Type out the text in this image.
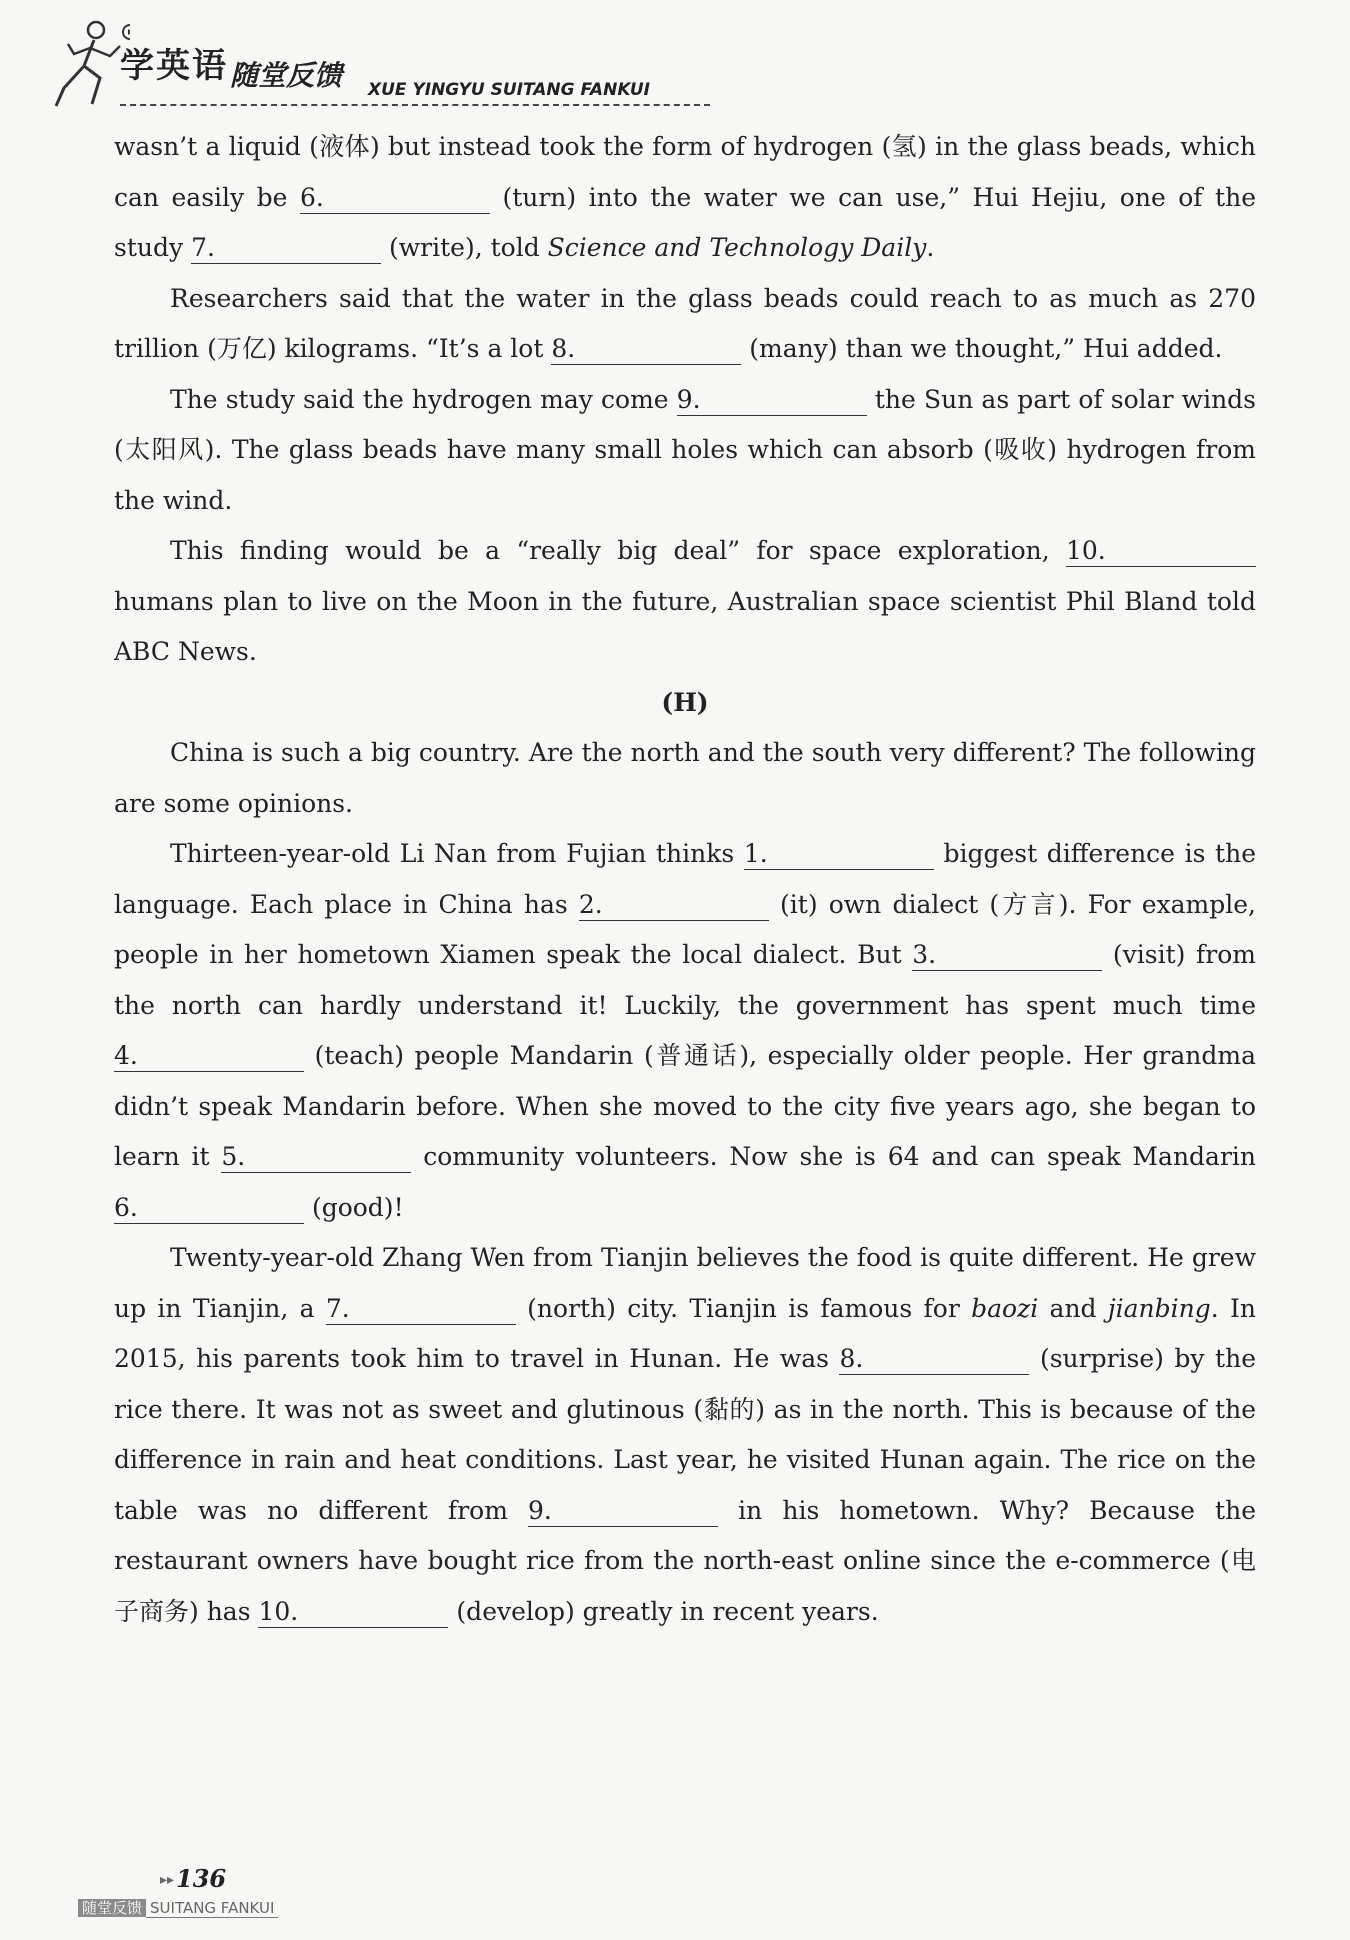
学英语 随堂反馈 XUE YINGYU SUITANG FANKUI

wasn’t a liquid (液体) but instead took the form of hydrogen (氢) in the glass beads, which can easily be 6.	(turn) into the water we can use,” Hui Hejiu, one of the study 7.	(write), told Science and Technology Daily.

Researchers said that the water in the glass beads could reach to as much as 270 trillion (万亿) kilograms. “It’s a lot 8.	(many) than we thought,” Hui added.

The study said the hydrogen may come 9.	the Sun as part of solar winds (太阳风). The glass beads have many small holes which can absorb (吸收) hydrogen from the wind.

This finding would be a “really big deal” for space exploration, 10. humans plan to live on the Moon in the future, Australian space scientist Phil Bland told ABC News.

(H)

China is such a big country. Are the north and the south very different? The following are some opinions.

Thirteen-year-old Li Nan from Fujian thinks 1.	biggest difference is the language. Each place in China has 2.	(it) own dialect (方言). For example, people in her hometown Xiamen speak the local dialect. But 3.	(visit) from the north can hardly understand it! Luckily, the government has spent much time 4.	(teach) people Mandarin (普通话), especially older people. Her grandma didn’t speak Mandarin before. When she moved to the city five years ago, she began to learn it 5.	community volunteers. Now she is 64 and can speak Mandarin 6.	(good)!

Twenty-year-old Zhang Wen from Tianjin believes the food is quite different. He grew up in Tianjin, a 7.	(north) city. Tianjin is famous for baozi and jianbing. In 2015, his parents took him to travel in Hunan. He was 8.	(surprise) by the rice there. It was not as sweet and glutinous (黏的) as in the north. This is because of the difference in rain and heat conditions. Last year, he visited Hunan again. The rice on the table was no different from 9.	in his hometown. Why? Because the restaurant owners have bought rice from the north-east online since the e-commerce (电子商务) has 10.	(develop) greatly in recent years.

▸▸ 136
随堂反馈 SUITANG FANKUI
